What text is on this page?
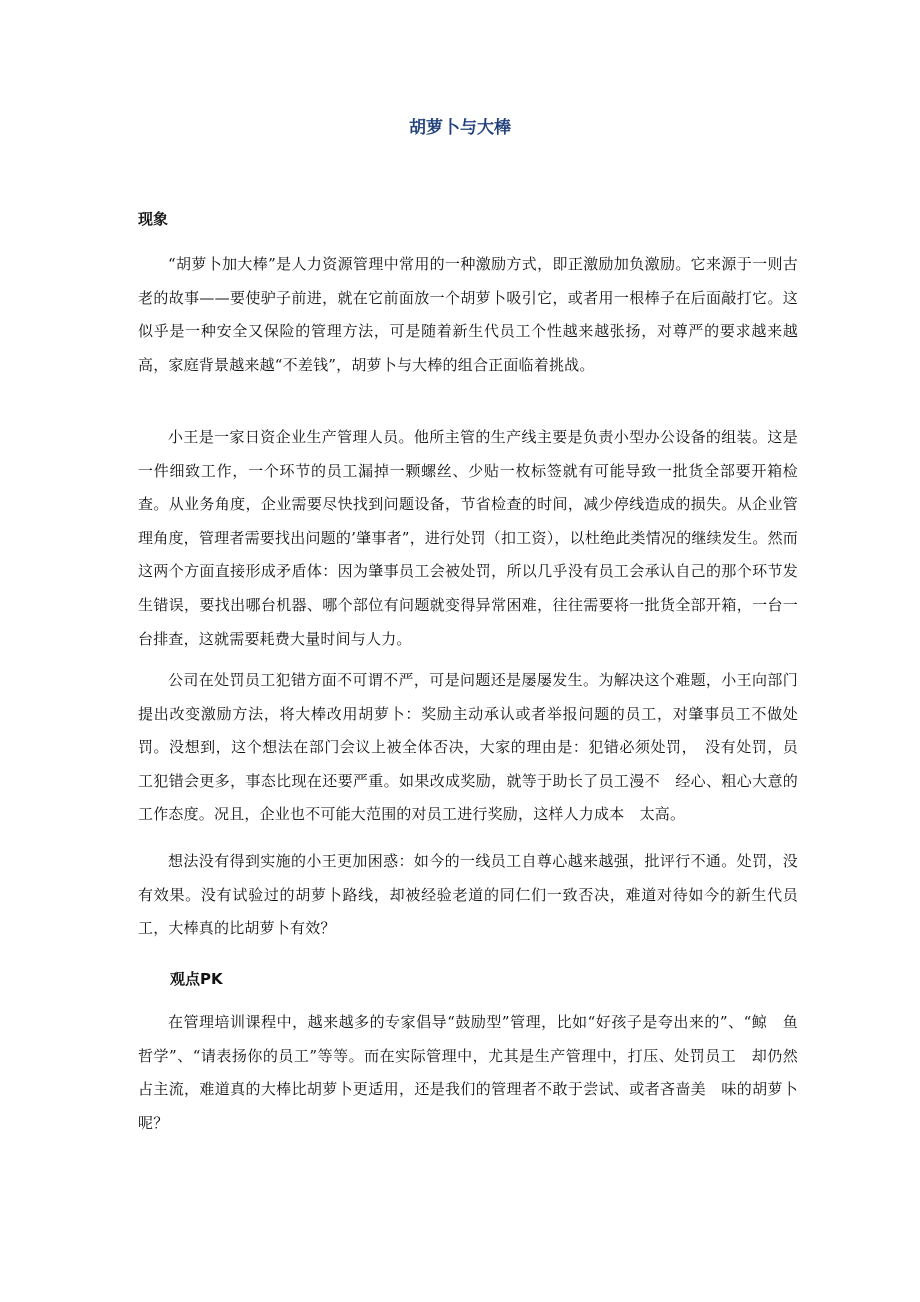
胡萝卜与大棒
现象

“胡萝卜加大棒”是人力资源管理中常用的一种激励方式，即正激励加负激励。它来源于一则古老的故事——要使驴子前进，就在它前面放一个胡萝卜吸引它，或者用一根棒子在后面敲打它。这似乎是一种安全又保险的管理方法，可是随着新生代员工个性越来越张扬，对尊严的要求越来越高，家庭背景越来越“不差钱”，胡萝卜与大棒的组合正面临着挑战。

小王是一家日资企业生产管理人员。他所主管的生产线主要是负责小型办公设备的组装。这是一件细致工作，一个环节的员工漏掉一颗螺丝、少贴一枚标签就有可能导致一批货全部要开箱检查。从业务角度，企业需要尽快找到问题设备，节省检查的时间，减少停线造成的损失。从企业管理角度，管理者需要找出问题的’肇事者”，进行处罚（扣工资），以杜绝此类情况的继续发生。然而这两个方面直接形成矛盾体：因为肇事员工会被处罚，所以几乎没有员工会承认自己的那个环节发生错误，要找出哪台机器、哪个部位有问题就变得异常困难，往往需要将一批货全部开箱，一台一台排查，这就需要耗费大量时间与人力。

公司在处罚员工犯错方面不可谓不严，可是问题还是屡屡发生。为解决这个难题，小王向部门提出改变激励方法，将大棒改用胡萝卜：奖励主动承认或者举报问题的员工，对肇事员工不做处罚。没想到，这个想法在部门会议上被全体否决，大家的理由是：犯错必须处罚，　没有处罚，员工犯错会更多，事态比现在还要严重。如果改成奖励，就等于助长了员工漫不　经心、粗心大意的工作态度。况且，企业也不可能大范围的对员工进行奖励，这样人力成本　太高。

想法没有得到实施的小王更加困惑：如今的一线员工自尊心越来越强，批评行不通。处罚，没有效果。没有试验过的胡萝卜路线，却被经验老道的同仁们一致否决，难道对待如今的新生代员工，大棒真的比胡萝卜有效？

观点PK

在管理培训课程中，越来越多的专家倡导“鼓励型”管理，比如“好孩子是夸出来的”、“鲸　鱼哲学”、“请表扬你的员工”等等。而在实际管理中，尤其是生产管理中，打压、处罚员工　却仍然占主流，难道真的大棒比胡萝卜更适用，还是我们的管理者不敢于尝试、或者吝啬美　味的胡萝卜呢？
